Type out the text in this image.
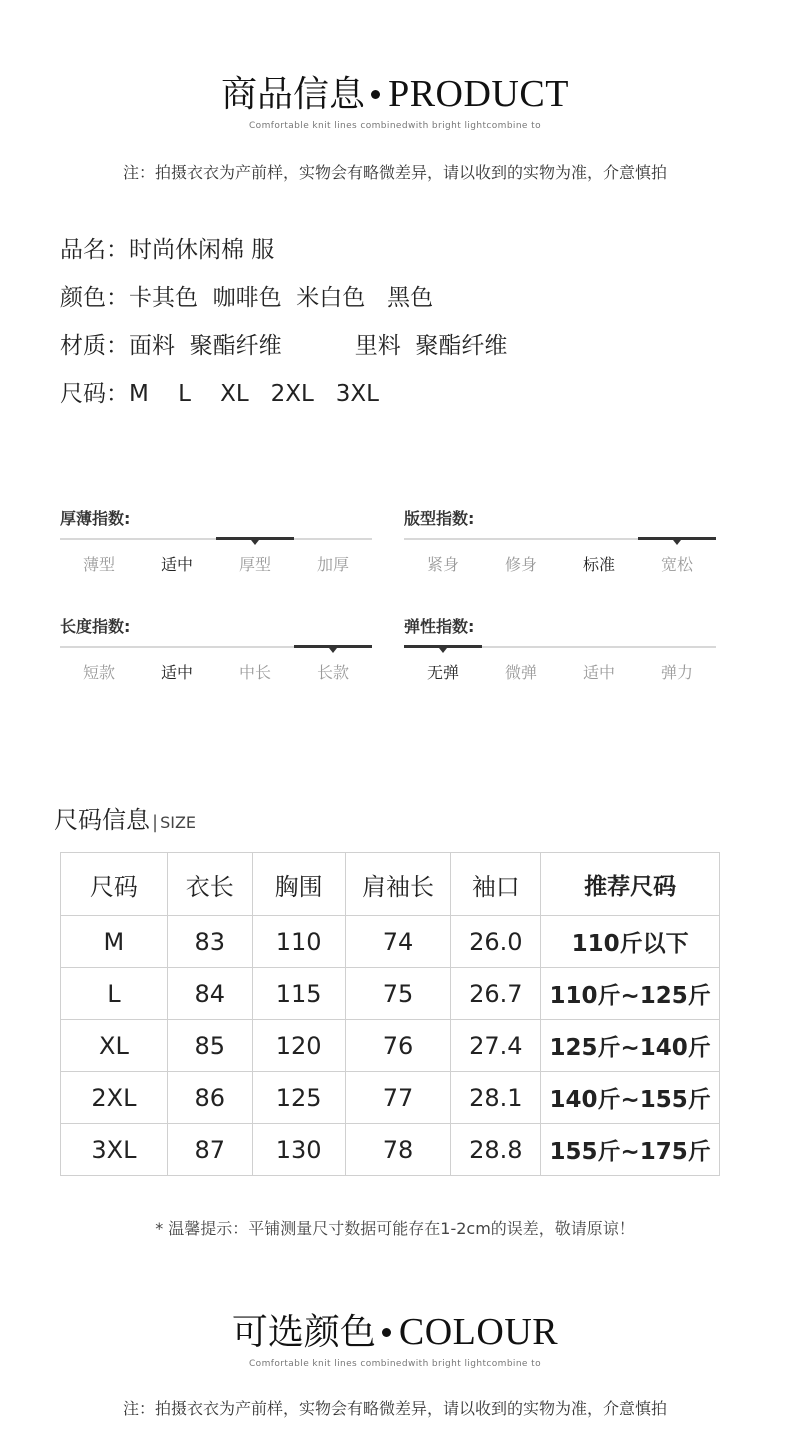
商品信息 PRODUCT
Comfortable knit lines combinedwith bright lightcombine to
注：拍摄衣衣为产前样，实物会有略微差异，请以收到的实物为准，介意慎拍
品名：时尚休闲棉 服
颜色：卡其色  咖啡色  米白色   黑色
材质：面料  聚酯纤维          里料  聚酯纤维
尺码：M    L    XL   2XL   3XL
厚薄指数:
薄型	适中	厚型	加厚
版型指数:
紧身	修身	标准	宽松
长度指数:
短款	适中	中长	长款
弹性指数:
无弹	微弹	适中	弹力
尺码信息 | SIZE
尺码	衣长	胸围	肩袖长	袖口	推荐尺码
M	83	110	74	26.0	110斤以下
L	84	115	75	26.7	110斤~125斤
XL	85	120	76	27.4	125斤~140斤
2XL	86	125	77	28.1	140斤~155斤
3XL	87	130	78	28.8	155斤~175斤
* 温馨提示：平铺测量尺寸数据可能存在1-2cm的误差，敬请原谅！
可选颜色 COLOUR
Comfortable knit lines combinedwith bright lightcombine to
注：拍摄衣衣为产前样，实物会有略微差异，请以收到的实物为准，介意慎拍
